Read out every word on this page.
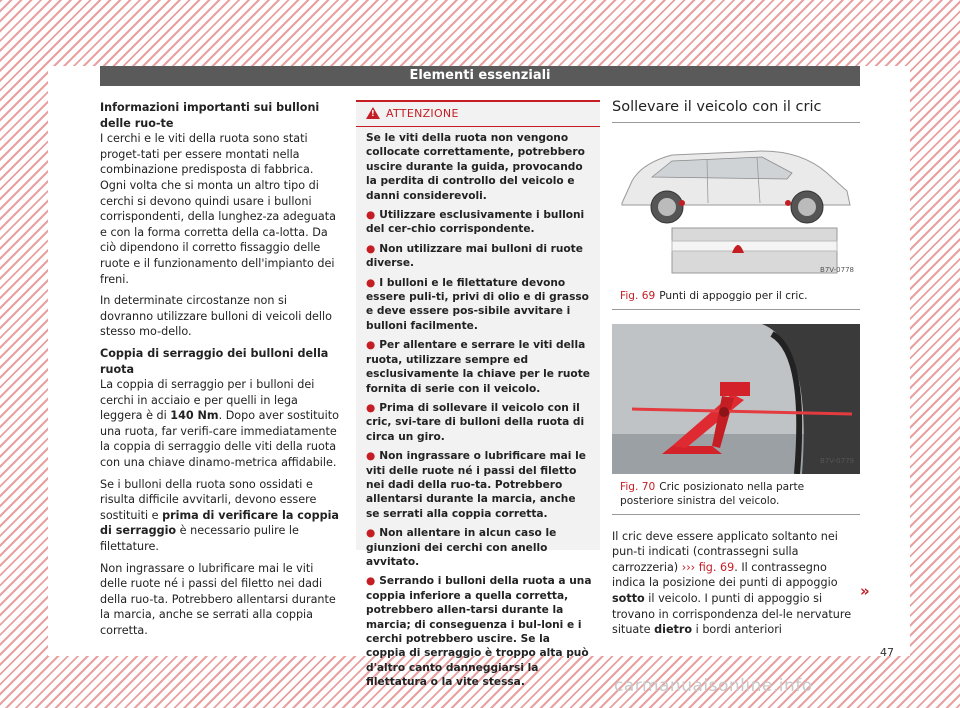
Elementi essenziali

Informazioni importanti sui bulloni delle ruo-te

I cerchi e le viti della ruota sono stati proget-tati per essere montati nella combinazione predisposta di fabbrica. Ogni volta che si monta un altro tipo di cerchi si devono quindi usare i bulloni corrispondenti, della lunghez-za adeguata e con la forma corretta della ca-lotta. Da ciò dipendono il corretto fissaggio delle ruote e il funzionamento dell'impianto dei freni.

In determinate circostanze non si dovranno utilizzare bulloni di veicoli dello stesso mo-dello.

Coppia di serraggio dei bulloni della ruota

La coppia di serraggio per i bulloni dei cerchi in acciaio e per quelli in lega leggera è di 140 Nm. Dopo aver sostituito una ruota, far verifi-care immediatamente la coppia di serraggio delle viti della ruota con una chiave dinamo-metrica affidabile.

Se i bulloni della ruota sono ossidati e risulta difficile avvitarli, devono essere sostituiti e prima di verificare la coppia di serraggio è necessario pulire le filettature.

Non ingrassare o lubrificare mai le viti delle ruote né i passi del filetto nei dadi della ruo-ta. Potrebbero allentarsi durante la marcia, anche se serrati alla coppia corretta.

! ATTENZIONE

Se le viti della ruota non vengono collocate correttamente, potrebbero uscire durante la guida, provocando la perdita di controllo del veicolo e danni considerevoli.

● Utilizzare esclusivamente i bulloni del cer-chio corrispondente.

● Non utilizzare mai bulloni di ruote diverse.

● I bulloni e le filettature devono essere puli-ti, privi di olio e di grasso e deve essere pos-sibile avvitare i bulloni facilmente.

● Per allentare e serrare le viti della ruota, utilizzare sempre ed esclusivamente la chiave per le ruote fornita di serie con il veicolo.

● Prima di sollevare il veicolo con il cric, svi-tare di bulloni della ruota di circa un giro.

● Non ingrassare o lubrificare mai le viti delle ruote né i passi del filetto nei dadi della ruo-ta. Potrebbero allentarsi durante la marcia, anche se serrati alla coppia corretta.

● Non allentare in alcun caso le giunzioni dei cerchi con anello avvitato.

● Serrando i bulloni della ruota a una coppia inferiore a quella corretta, potrebbero allen-tarsi durante la marcia; di conseguenza i bul-loni e i cerchi potrebbero uscire. Se la coppia di serraggio è troppo alta può d'altro canto danneggiarsi la filettatura o la vite stessa.

Sollevare il veicolo con il cric
B7V-0778
Fig. 69 Punti di appoggio per il cric.
B7V-0779
Fig. 70 Cric posizionato nella parte posteriore sinistra del veicolo.

Il cric deve essere applicato soltanto nei pun-ti indicati (contrassegni sulla carrozzeria) ››› fig. 69. Il contrassegno indica la posizione dei punti di appoggio sotto il veicolo. I punti di appoggio si trovano in corrispondenza del-le nervature situate dietro i bordi anteriori

»
47
carmanualsonline.info
